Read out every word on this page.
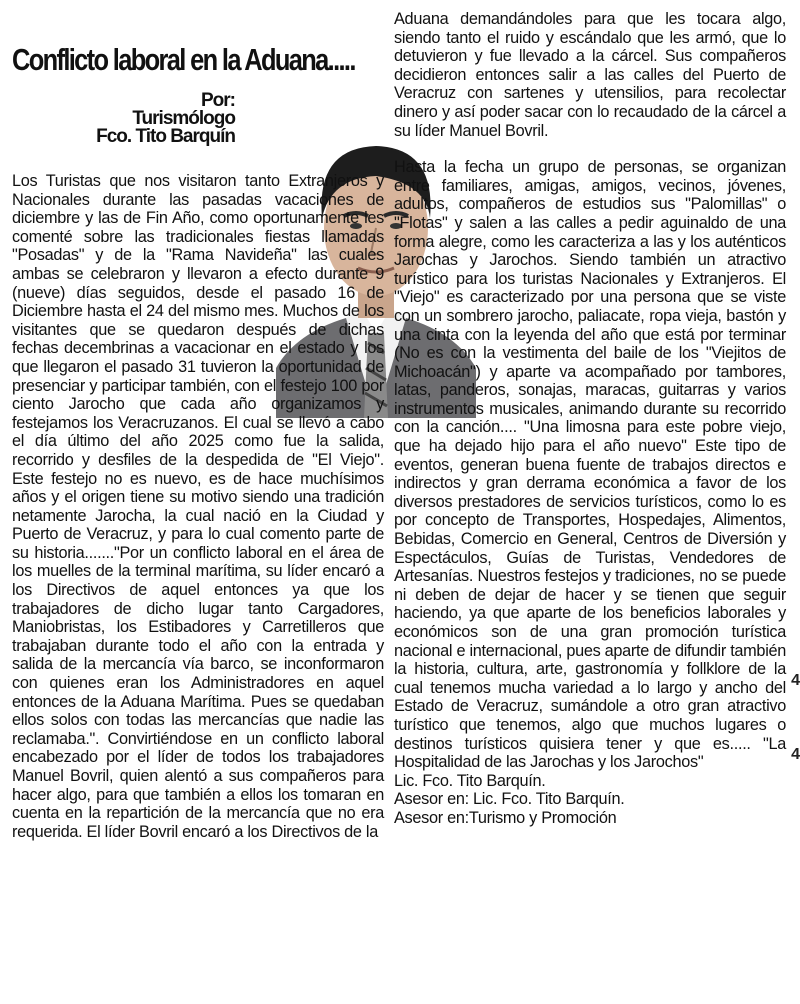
Conflicto laboral en la Aduana.....
Por:
Turismólogo
Fco. Tito Barquín

Los Turistas que nos visitaron tanto Extranjeros y Nacionales durante las pasadas vacaciones de diciembre y las de Fin Año, como oportunamente les comenté sobre las tradicionales fiestas llamadas "Posadas" y de la "Rama Navideña" las cuales ambas se celebraron y llevaron a efecto durante 9 (nueve) días seguidos, desde el pasado 16 de Diciembre hasta el 24 del mismo mes. Muchos de los visitantes que se quedaron después de dichas fechas decembrinas a vacacionar en el estado y los que llegaron el pasado 31 tuvieron la oportunidad de presenciar y participar también, con el festejo 100 por ciento Jarocho que cada año organizamos y festejamos los Veracruzanos. El cual se llevó a cabo el día último del año 2025 como fue la salida, recorrido y desfiles de la despedida de "El Viejo". Este festejo no es nuevo, es de hace muchísimos años y el origen tiene su motivo siendo una tradición netamente Jarocha, la cual nació en la Ciudad y Puerto de Veracruz, y para lo cual comento parte de su historia......."Por un conflicto laboral en el área de los muelles de la terminal marítima, su líder encaró a los Directivos de aquel entonces ya que los trabajadores de dicho lugar tanto Cargadores, Maniobristas, los Estibadores y Carretilleros que trabajaban durante todo el año con la entrada y salida de la mercancía vía barco, se inconformaron con quienes eran los Administradores en aquel entonces de la Aduana Marítima. Pues se quedaban ellos solos con todas las mercancías que nadie las reclamaba.". Convirtiéndose en un conflicto laboral encabezado por el líder de todos los trabajadores Manuel Bovril, quien alentó a sus compañeros para hacer algo, para que también a ellos los tomaran en cuenta en la repartición de la mercancía que no era requerida. El líder Bovril encaró a los Directivos de la

Aduana demandándoles para que les tocara algo, siendo tanto el ruido y escándalo que les armó, que lo detuvieron y fue llevado a la cárcel. Sus compañeros decidieron entonces salir a las calles del Puerto de Veracruz con sartenes y utensilios, para recolectar dinero y así poder sacar con lo recaudado de la cárcel a su líder Manuel Bovril.

Hasta la fecha un grupo de personas, se organizan entre familiares, amigas, amigos, vecinos, jóvenes, adultos, compañeros de estudios sus "Palomillas" o "Flotas" y salen a las calles a pedir aguinaldo de una forma alegre, como les caracteriza a las y los auténticos Jarochas y Jarochos. Siendo también un atractivo turístico para los turistas Nacionales y Extranjeros. El "Viejo" es caracterizado por una persona que se viste con un sombrero jarocho, paliacate, ropa vieja, bastón y una cinta con la leyenda del año que está por terminar (No es con la vestimenta del baile de los "Viejitos de Michoacán") y aparte va acompañado por tambores, latas, panderos, sonajas, maracas, guitarras y varios instrumentos musicales, animando durante su recorrido con la canción.... "Una limosna para este pobre viejo, que ha dejado hijo para el año nuevo" Este tipo de eventos, generan buena fuente de trabajos directos e indirectos y gran derrama económica a favor de los diversos prestadores de servicios turísticos, como lo es por concepto de Transportes, Hospedajes, Alimentos, Bebidas, Comercio en General, Centros de Diversión y Espectáculos, Guías de Turistas, Vendedores de Artesanías. Nuestros festejos y tradiciones, no se puede ni deben de dejar de hacer y se tienen que seguir haciendo, ya que aparte de los beneficios laborales y económicos son de una gran promoción turística nacional e internacional, pues aparte de difundir también la historia, cultura, arte, gastronomía y follklore de la cual tenemos mucha variedad a lo largo y ancho del Estado de Veracruz, sumándole a otro gran atractivo turístico que tenemos, algo que muchos lugares o destinos turísticos quisiera tener y que es..... "La Hospitalidad de las Jarochas y los Jarochos"

Lic. Fco. Tito Barquín.

Asesor en: Lic. Fco. Tito Barquín.

Asesor en:Turismo y Promoción

4
4
